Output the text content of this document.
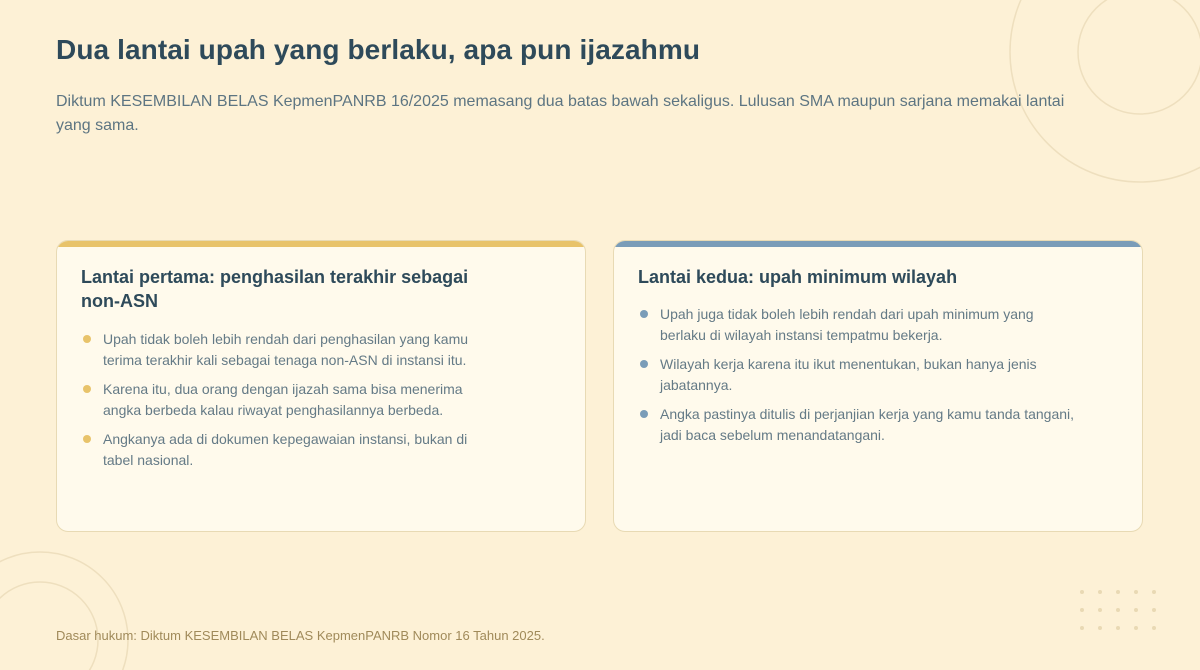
Dua lantai upah yang berlaku, apa pun ijazahmu

Diktum KESEMBILAN BELAS KepmenPANRB 16/2025 memasang dua batas bawah sekaligus. Lulusan SMA maupun sarjana memakai lantai yang sama.

Lantai pertama: penghasilan terakhir sebagai non-ASN
Upah tidak boleh lebih rendah dari penghasilan yang kamu terima terakhir kali sebagai tenaga non-ASN di instansi itu.
Karena itu, dua orang dengan ijazah sama bisa menerima angka berbeda kalau riwayat penghasilannya berbeda.
Angkanya ada di dokumen kepegawaian instansi, bukan di tabel nasional.
Lantai kedua: upah minimum wilayah
Upah juga tidak boleh lebih rendah dari upah minimum yang berlaku di wilayah instansi tempatmu bekerja.
Wilayah kerja karena itu ikut menentukan, bukan hanya jenis jabatannya.
Angka pastinya ditulis di perjanjian kerja yang kamu tanda tangani, jadi baca sebelum menandatangani.

Dasar hukum: Diktum KESEMBILAN BELAS KepmenPANRB Nomor 16 Tahun 2025.
